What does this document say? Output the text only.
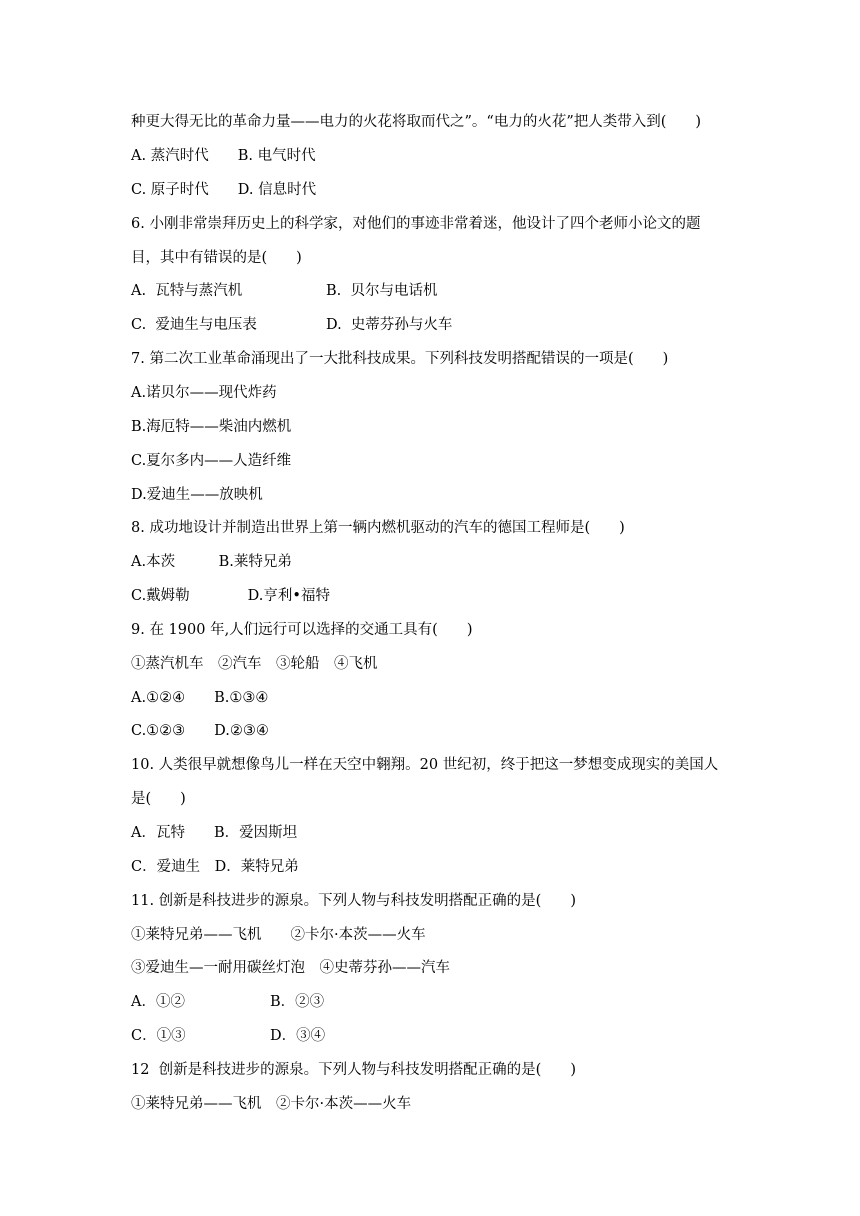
种更大得无比的革命力量——电力的火花将取而代之”。“电力的火花”把人类带入到(　　)
A. 蒸汽时代　　B. 电气时代
C. 原子时代　　D. 信息时代
6. 小刚非常崇拜历史上的科学家，对他们的事迹非常着迷，他设计了四个老师小论文的题
目，其中有错误的是(　　)
A.  瓦特与蒸汽机	B.  贝尔与电话机
C.  爱迪生与电压表	D.  史蒂芬孙与火车
7. 第二次工业革命涌现出了一大批科技成果。下列科技发明搭配错误的一项是(　　)
A.诺贝尔——现代炸药
B.海厄特——柴油内燃机
C.夏尔多内——人造纤维
D.爱迪生——放映机
8. 成功地设计并制造出世界上第一辆内燃机驱动的汽车的德国工程师是(　　)
A.本茨　　　B.莱特兄弟
C.戴姆勒　　　　D.亨利•福特
9. 在 1900 年,人们远行可以选择的交通工具有(　　)
①蒸汽机车　②汽车　③轮船　④飞机
A.①②④　　B.①③④
C.①②③　　D.②③④
10. 人类很早就想像鸟儿一样在天空中翱翔。20 世纪初，终于把这一梦想变成现实的美国人
是(　　)
A．瓦特　　B．爱因斯坦
C．爱迪生　D．莱特兄弟
11. 创新是科技进步的源泉。下列人物与科技发明搭配正确的是(　　)
①莱特兄弟——飞机　　②卡尔·本茨——火车
③爱迪生—一耐用碳丝灯泡　④史蒂芬孙——汽车
A．①②	B．②③
C．①③	D．③④
12  创新是科技进步的源泉。下列人物与科技发明搭配正确的是(　　)
①莱特兄弟——飞机　②卡尔·本茨——火车
